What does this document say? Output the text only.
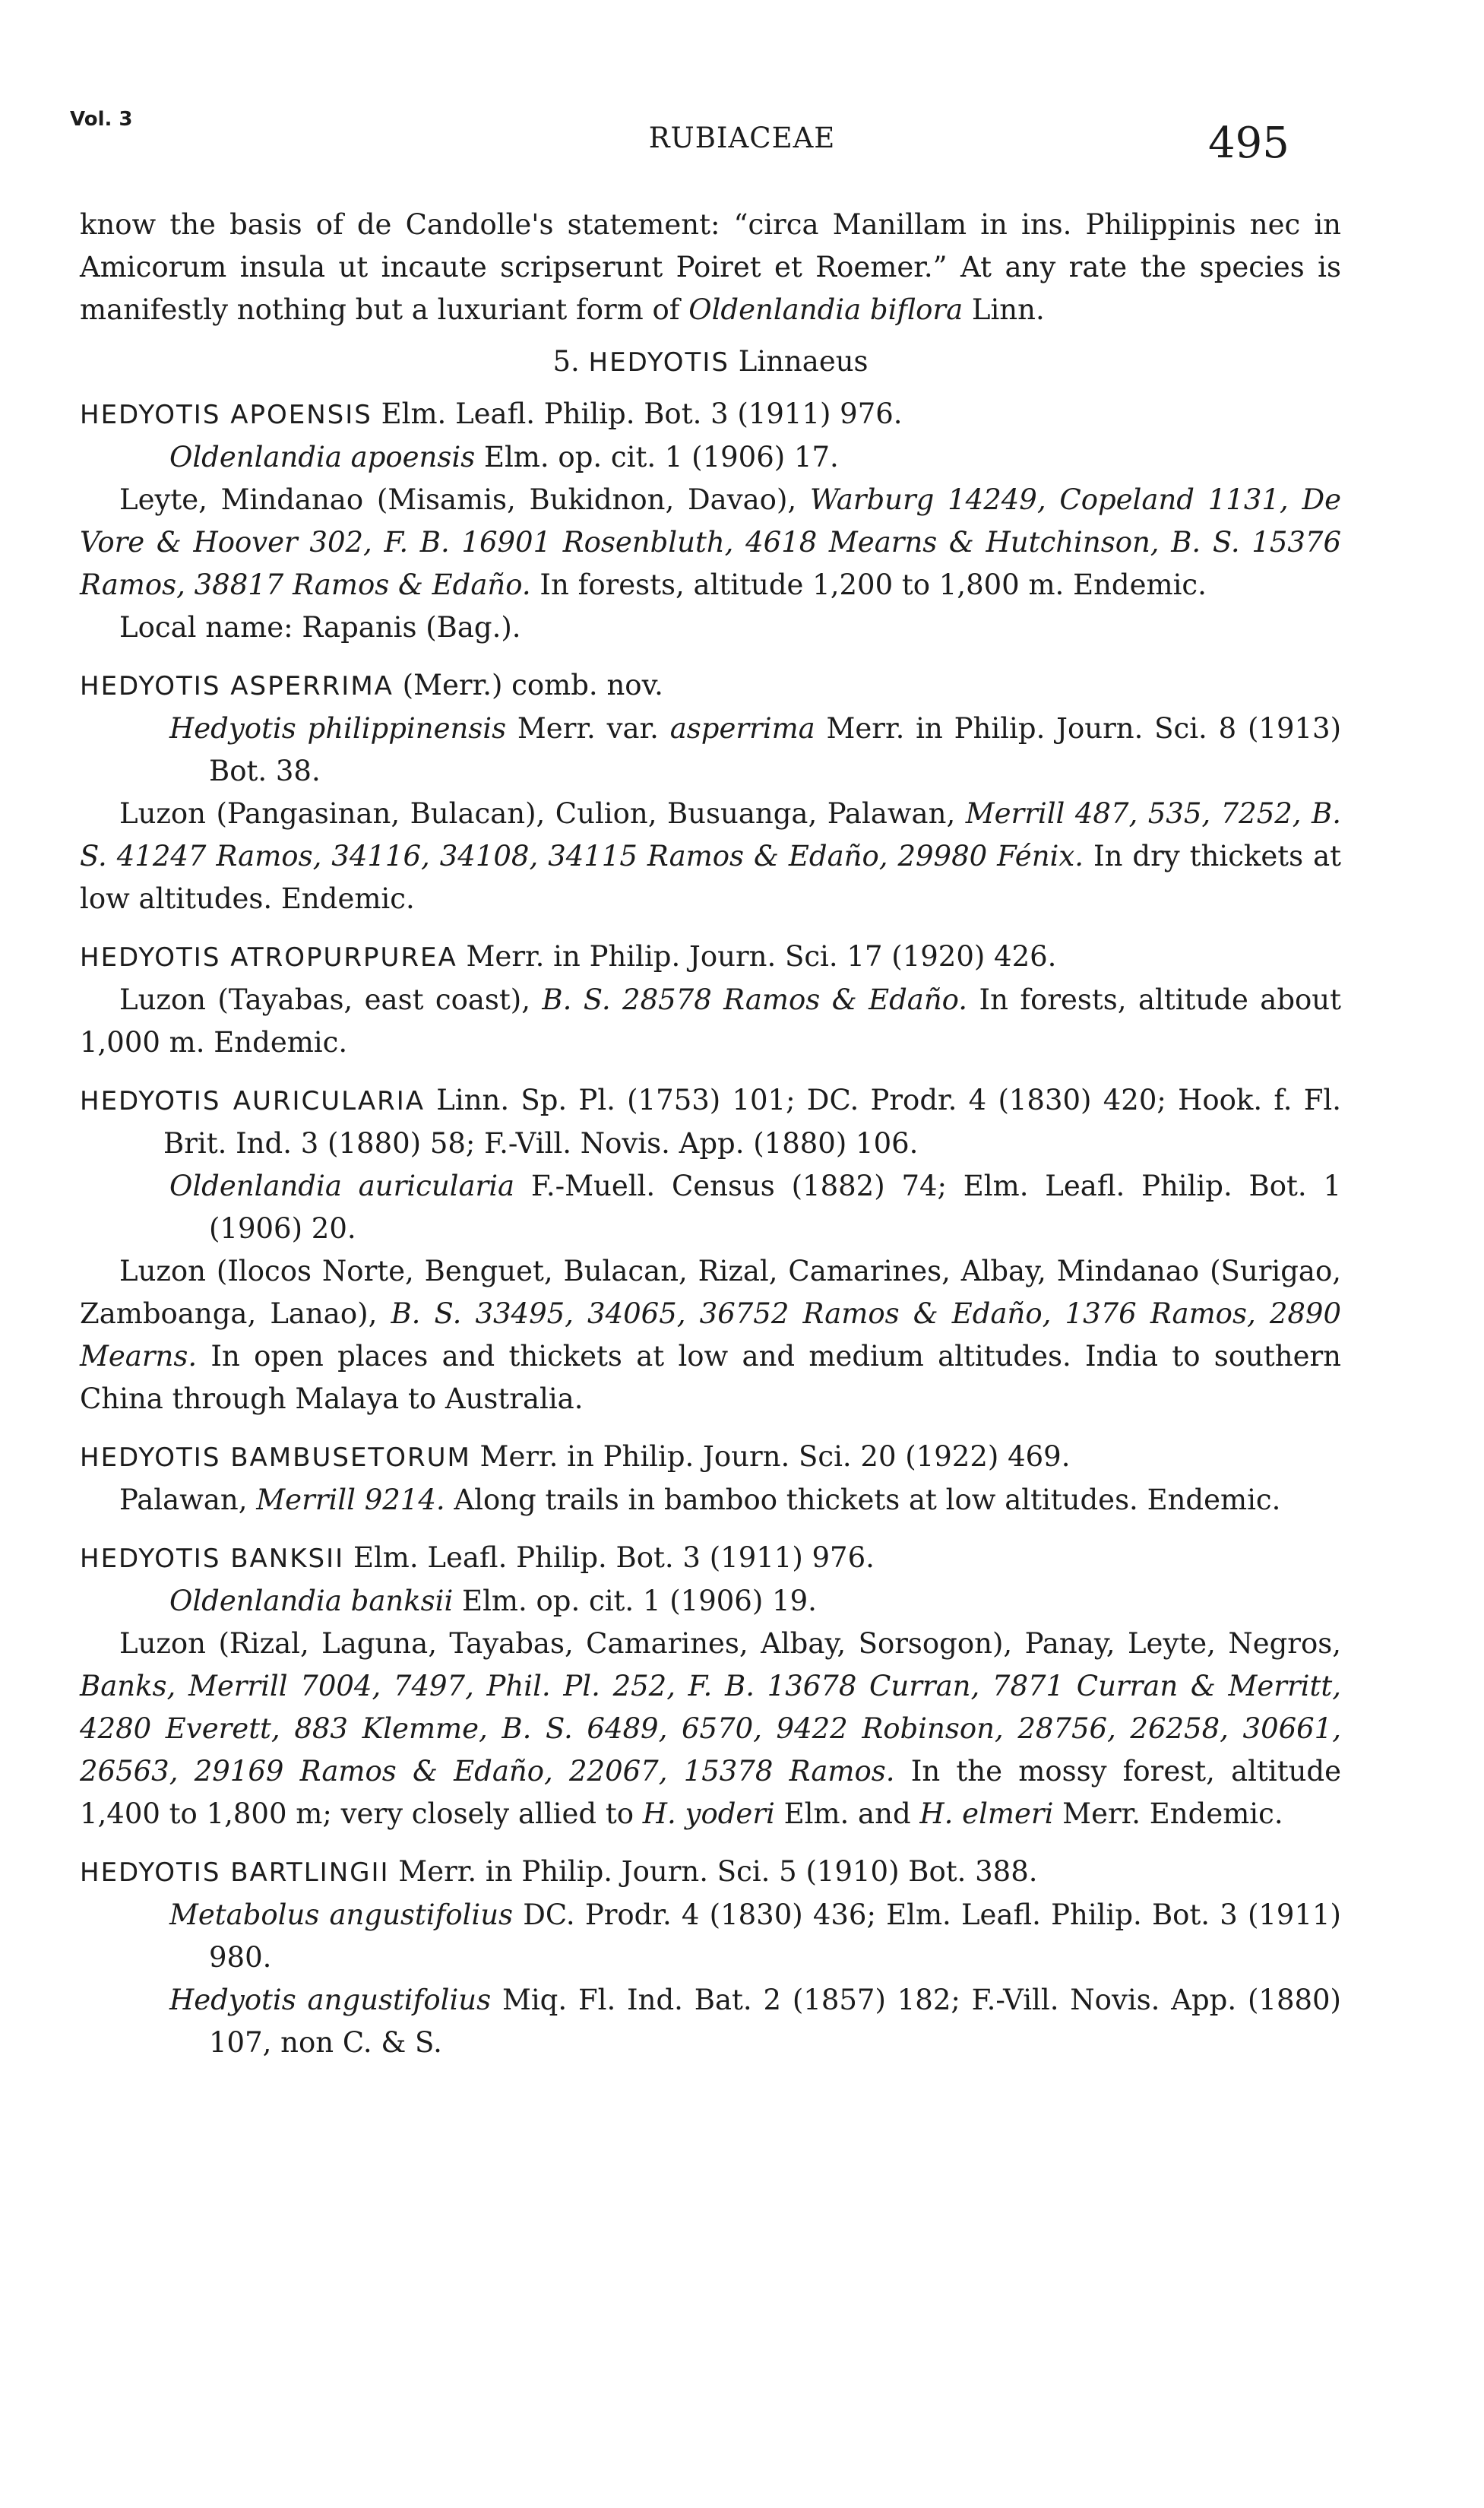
Vol. 3
RUBIACEAE	495

know the basis of de Candolle's statement: “circa Manillam in ins. Philippinis nec in Amicorum insula ut incaute scripserunt Poiret et Roemer.” At any rate the species is manifestly nothing but a luxuriant form of Oldenlandia biflora Linn.

5. HEDYOTIS Linnaeus

HEDYOTIS APOENSIS Elm. Leafl. Philip. Bot. 3 (1911) 976.

Oldenlandia apoensis Elm. op. cit. 1 (1906) 17.

Leyte, Mindanao (Misamis, Bukidnon, Davao), Warburg 14249, Copeland 1131, De Vore & Hoover 302, F. B. 16901 Rosenbluth, 4618 Mearns & Hutchinson, B. S. 15376 Ramos, 38817 Ramos & Edaño. In forests, altitude 1,200 to 1,800 m. Endemic.

Local name: Rapanis (Bag.).

HEDYOTIS ASPERRIMA (Merr.) comb. nov.

Hedyotis philippinensis Merr. var. asperrima Merr. in Philip. Journ. Sci. 8 (1913) Bot. 38.

Luzon (Pangasinan, Bulacan), Culion, Busuanga, Palawan, Merrill 487, 535, 7252, B. S. 41247 Ramos, 34116, 34108, 34115 Ramos & Edaño, 29980 Fénix. In dry thickets at low altitudes. Endemic.

HEDYOTIS ATROPURPUREA Merr. in Philip. Journ. Sci. 17 (1920) 426.

Luzon (Tayabas, east coast), B. S. 28578 Ramos & Edaño. In forests, altitude about 1,000 m. Endemic.

HEDYOTIS AURICULARIA Linn. Sp. Pl. (1753) 101; DC. Prodr. 4 (1830) 420; Hook. f. Fl. Brit. Ind. 3 (1880) 58; F.-Vill. Novis. App. (1880) 106.

Oldenlandia auricularia F.-Muell. Census (1882) 74; Elm. Leafl. Philip. Bot. 1 (1906) 20.

Luzon (Ilocos Norte, Benguet, Bulacan, Rizal, Camarines, Albay, Mindanao (Surigao, Zamboanga, Lanao), B. S. 33495, 34065, 36752 Ramos & Edaño, 1376 Ramos, 2890 Mearns. In open places and thickets at low and medium altitudes. India to southern China through Malaya to Australia.

HEDYOTIS BAMBUSETORUM Merr. in Philip. Journ. Sci. 20 (1922) 469.

Palawan, Merrill 9214. Along trails in bamboo thickets at low altitudes. Endemic.

HEDYOTIS BANKSII Elm. Leafl. Philip. Bot. 3 (1911) 976.

Oldenlandia banksii Elm. op. cit. 1 (1906) 19.

Luzon (Rizal, Laguna, Tayabas, Camarines, Albay, Sorsogon), Panay, Leyte, Negros, Banks, Merrill 7004, 7497, Phil. Pl. 252, F. B. 13678 Curran, 7871 Curran & Merritt, 4280 Everett, 883 Klemme, B. S. 6489, 6570, 9422 Robinson, 28756, 26258, 30661, 26563, 29169 Ramos & Edaño, 22067, 15378 Ramos. In the mossy forest, altitude 1,400 to 1,800 m; very closely allied to H. yoderi Elm. and H. elmeri Merr. Endemic.

HEDYOTIS BARTLINGII Merr. in Philip. Journ. Sci. 5 (1910) Bot. 388.

Metabolus angustifolius DC. Prodr. 4 (1830) 436; Elm. Leafl. Philip. Bot. 3 (1911) 980.

Hedyotis angustifolius Miq. Fl. Ind. Bat. 2 (1857) 182; F.-Vill. Novis. App. (1880) 107, non C. & S.
